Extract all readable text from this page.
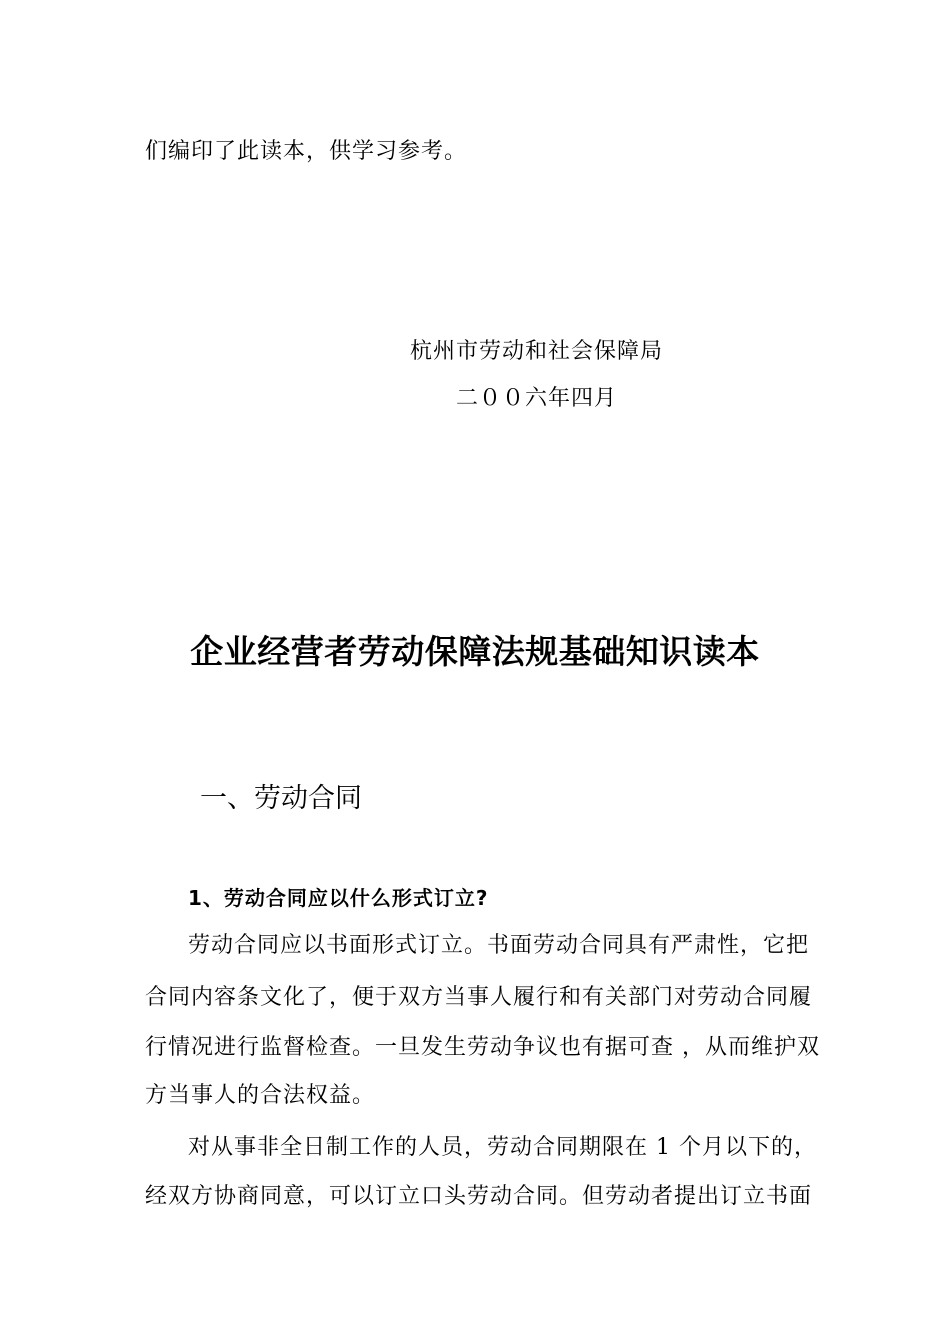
们编印了此读本，供学习参考。
杭州市劳动和社会保障局
二００六年四月
企业经营者劳动保障法规基础知识读本
一、劳动合同
1、劳动合同应以什么形式订立?
劳动合同应以书面形式订立。书面劳动合同具有严肃性，它把
合同内容条文化了，便于双方当事人履行和有关部门对劳动合同履
行情况进行监督检查。一旦发生劳动争议也有据可查 ，从而维护双
方当事人的合法权益。
对从事非全日制工作的人员，劳动合同期限在 1 个月以下的，
经双方协商同意，可以订立口头劳动合同。但劳动者提出订立书面
